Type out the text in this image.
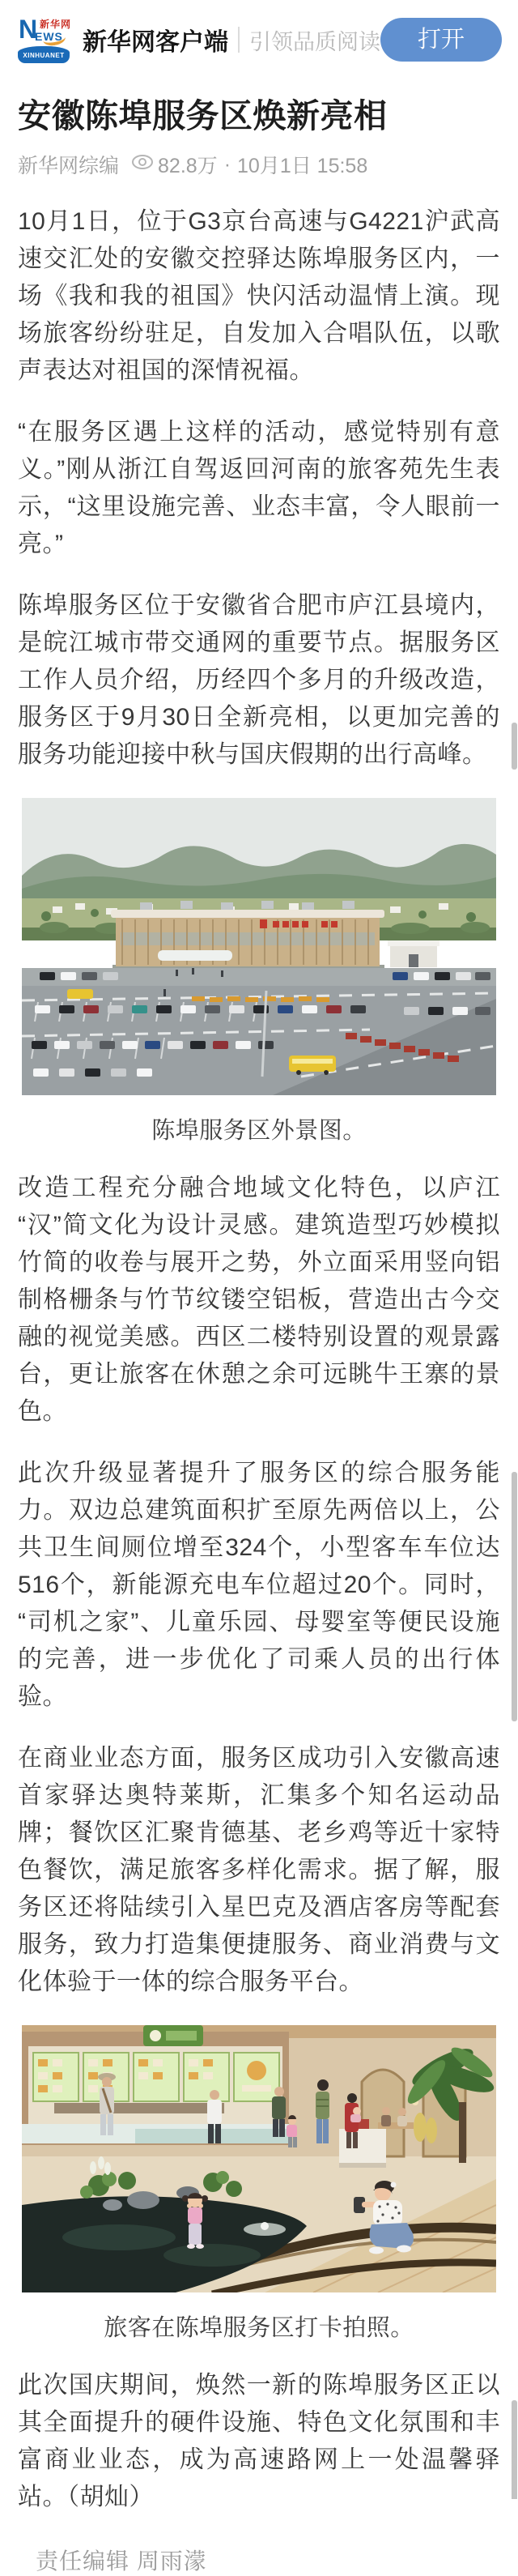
N 新华网
EWS
XINHUANET 新华网客户端 引领品质阅读	打开
安徽陈埠服务区焕新亮相
新华网综编 82.8万 · 10月1日 15:58

10月1日，位于G3京台高速与G4221沪武高速交汇处的安徽交控驿达陈埠服务区内，一场《我和我的祖国》快闪活动温情上演。现场旅客纷纷驻足，自发加入合唱队伍，以歌声表达对祖国的深情祝福。

“在服务区遇上这样的活动，感觉特别有意义。”刚从浙江自驾返回河南的旅客苑先生表示，“这里设施完善、业态丰富，令人眼前一亮。”

陈埠服务区位于安徽省合肥市庐江县境内，是皖江城市带交通网的重要节点。据服务区工作人员介绍，历经四个多月的升级改造，服务区于9月30日全新亮相，以更加完善的服务功能迎接中秋与国庆假期的出行高峰。

陈埠服务区外景图。

改造工程充分融合地域文化特色，以庐江“汉”简文化为设计灵感。建筑造型巧妙模拟竹简的收卷与展开之势，外立面采用竖向铝制格栅条与竹节纹镂空铝板，营造出古今交融的视觉美感。西区二楼特别设置的观景露台，更让旅客在休憩之余可远眺牛王寨的景色。

此次升级显著提升了服务区的综合服务能力。双边总建筑面积扩至原先两倍以上，公共卫生间厕位增至324个，小型客车车位达516个，新能源充电车位超过20个。同时，“司机之家”、儿童乐园、母婴室等便民设施的完善，进一步优化了司乘人员的出行体验。

在商业业态方面，服务区成功引入安徽高速首家驿达奥特莱斯，汇集多个知名运动品牌；餐饮区汇聚肯德基、老乡鸡等近十家特色餐饮，满足旅客多样化需求。据了解，服务区还将陆续引入星巴克及酒店客房等配套服务，致力打造集便捷服务、商业消费与文化体验于一体的综合服务平台。

旅客在陈埠服务区打卡拍照。

此次国庆期间，焕然一新的陈埠服务区正以其全面提升的硬件设施、特色文化氛围和丰富商业业态，成为高速路网上一处温馨驿站。（胡灿）

责任编辑 周雨濛
